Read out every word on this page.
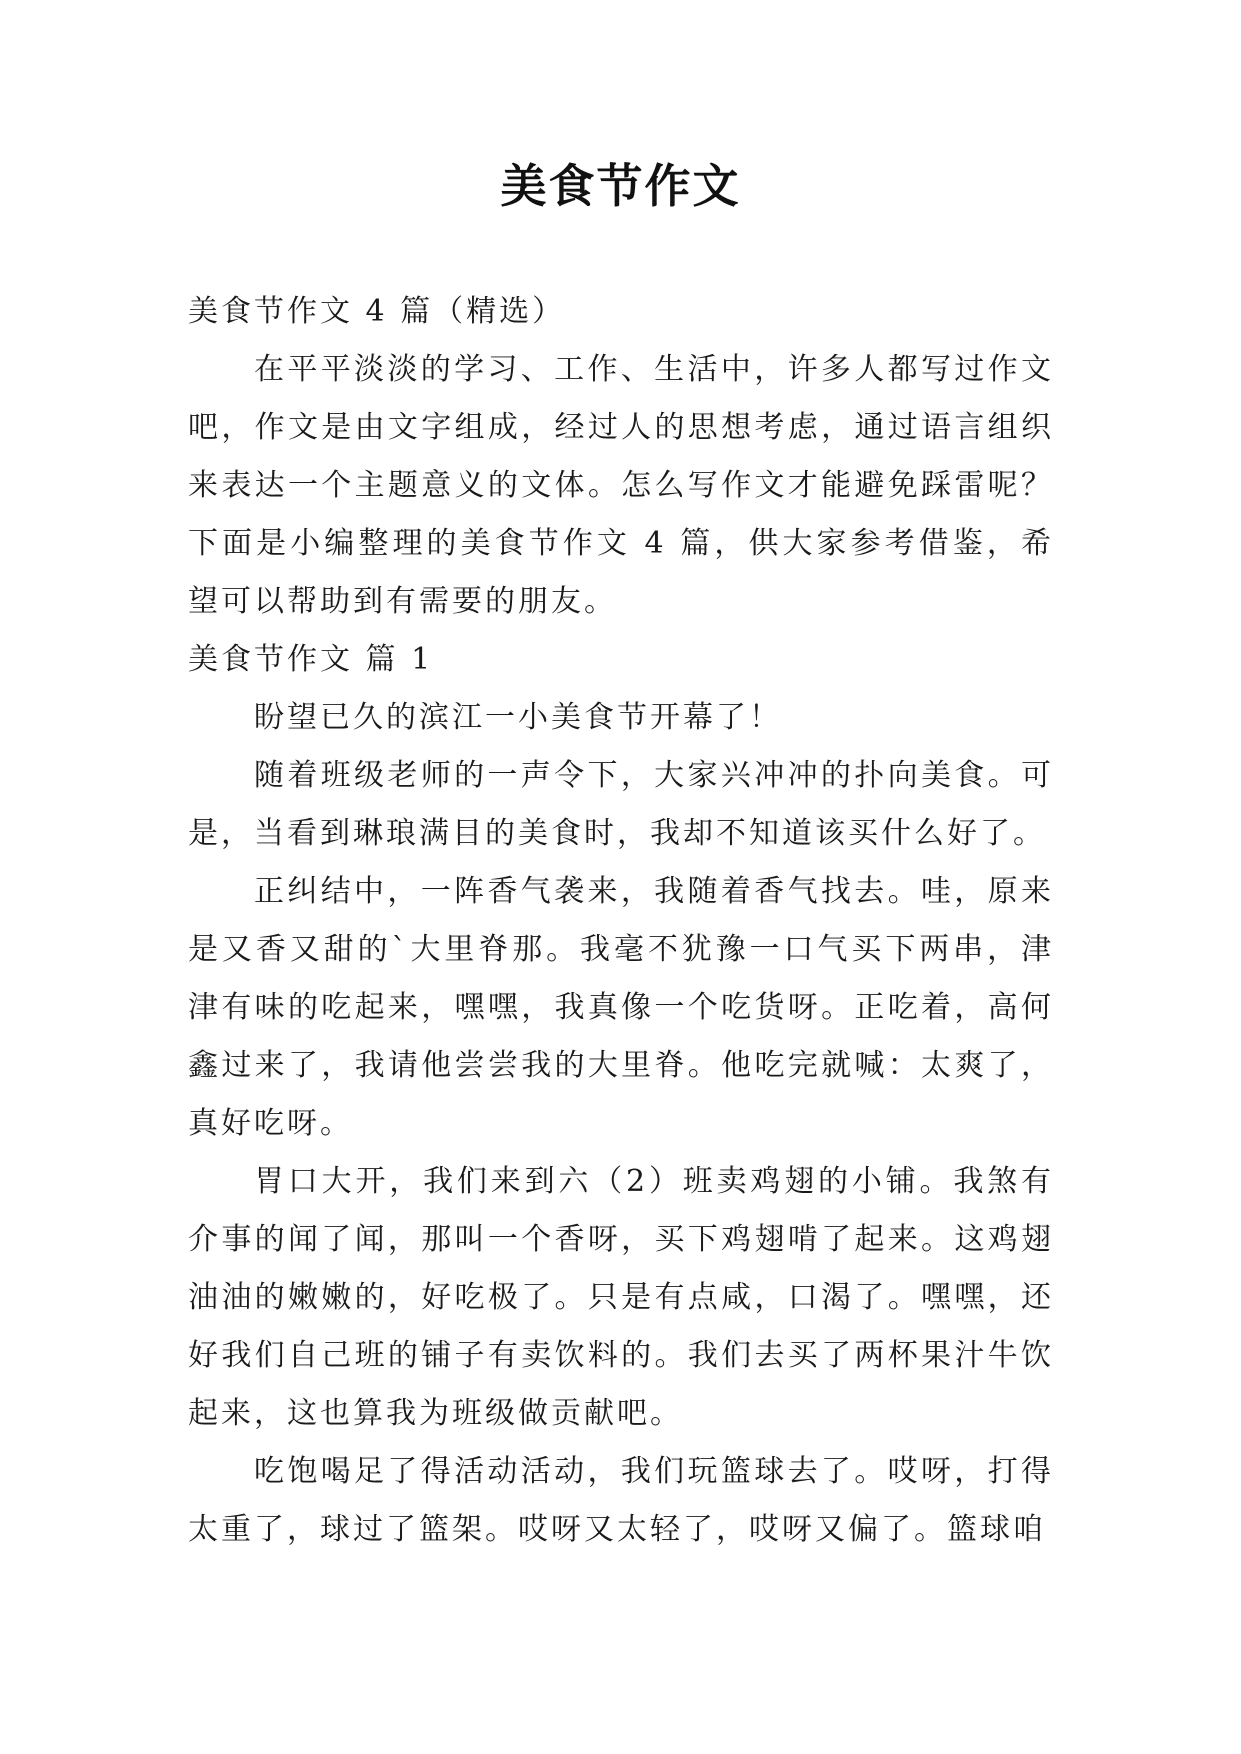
美食节作文

美食节作文 4 篇（精选）

在平平淡淡的学习、工作、生活中，许多人都写过作文吧，作文是由文字组成，经过人的思想考虑，通过语言组织来表达一个主题意义的文体。怎么写作文才能避免踩雷呢？下面是小编整理的美食节作文 4 篇，供大家参考借鉴，希望可以帮助到有需要的朋友。

美食节作文 篇 1

盼望已久的滨江一小美食节开幕了！

随着班级老师的一声令下，大家兴冲冲的扑向美食。可是，当看到琳琅满目的美食时，我却不知道该买什么好了。

正纠结中，一阵香气袭来，我随着香气找去。哇，原来是又香又甜的`大里脊那。我毫不犹豫一口气买下两串，津津有味的吃起来，嘿嘿，我真像一个吃货呀。正吃着，高何鑫过来了，我请他尝尝我的大里脊。他吃完就喊：太爽了，真好吃呀。

胃口大开，我们来到六（2）班卖鸡翅的小铺。我煞有介事的闻了闻，那叫一个香呀，买下鸡翅啃了起来。这鸡翅油油的嫩嫩的，好吃极了。只是有点咸，口渴了。嘿嘿，还好我们自己班的铺子有卖饮料的。我们去买了两杯果汁牛饮起来，这也算我为班级做贡献吧。

吃饱喝足了得活动活动，我们玩篮球去了。哎呀，打得太重了，球过了篮架。哎呀又太轻了，哎呀又偏了。篮球咱
